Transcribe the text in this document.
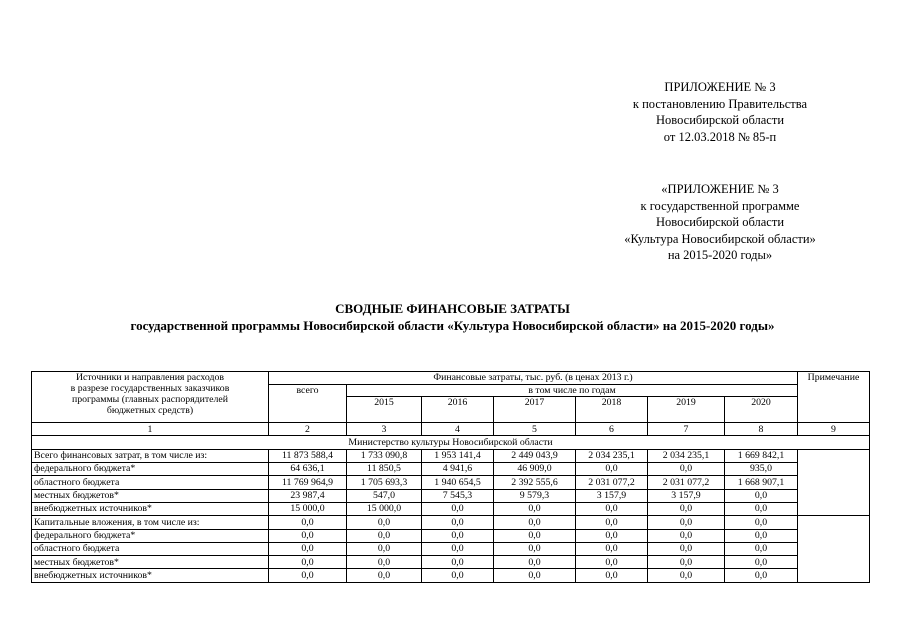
ПРИЛОЖЕНИЕ № 3
к постановлению Правительства
Новосибирской области
от 12.03.2018 № 85-п
«ПРИЛОЖЕНИЕ № 3
к государственной программе
Новосибирской области
«Культура Новосибирской области»
на 2015-2020 годы»
СВОДНЫЕ ФИНАНСОВЫЕ ЗАТРАТЫ
государственной программы Новосибирской области «Культура Новосибирской области» на 2015-2020 годы»
Источники и направления расходов
в разрезе государственных заказчиков
программы (главных распорядителей
бюджетных средств)	Финансовые затраты, тыс. руб. (в ценах 2013 г.)							Примечание
	всего	в том числе по годам						
		2015	2016	2017	2018	2019	2020	
1	2	3	4	5	6	7	8	9
Министерство культуры Новосибирской области								
Всего финансовых затрат, в том числе из:	11 873 588,4	1 733 090,8	1 953 141,4	2 449 043,9	2 034 235,1	2 034 235,1	1 669 842,1	
федерального бюджета*	64 636,1	11 850,5	4 941,6	46 909,0	0,0	0,0	935,0	
областного бюджета	11 769 964,9	1 705 693,3	1 940 654,5	2 392 555,6	2 031 077,2	2 031 077,2	1 668 907,1	
местных бюджетов*	23 987,4	547,0	7 545,3	9 579,3	3 157,9	3 157,9	0,0	
внебюджетных источников*	15 000,0	15 000,0	0,0	0,0	0,0	0,0	0,0	
Капитальные вложения, в том числе из:	0,0	0,0	0,0	0,0	0,0	0,0	0,0	
федерального бюджета*	0,0	0,0	0,0	0,0	0,0	0,0	0,0	
областного бюджета	0,0	0,0	0,0	0,0	0,0	0,0	0,0	
местных бюджетов*	0,0	0,0	0,0	0,0	0,0	0,0	0,0	
внебюджетных источников*	0,0	0,0	0,0	0,0	0,0	0,0	0,0	
